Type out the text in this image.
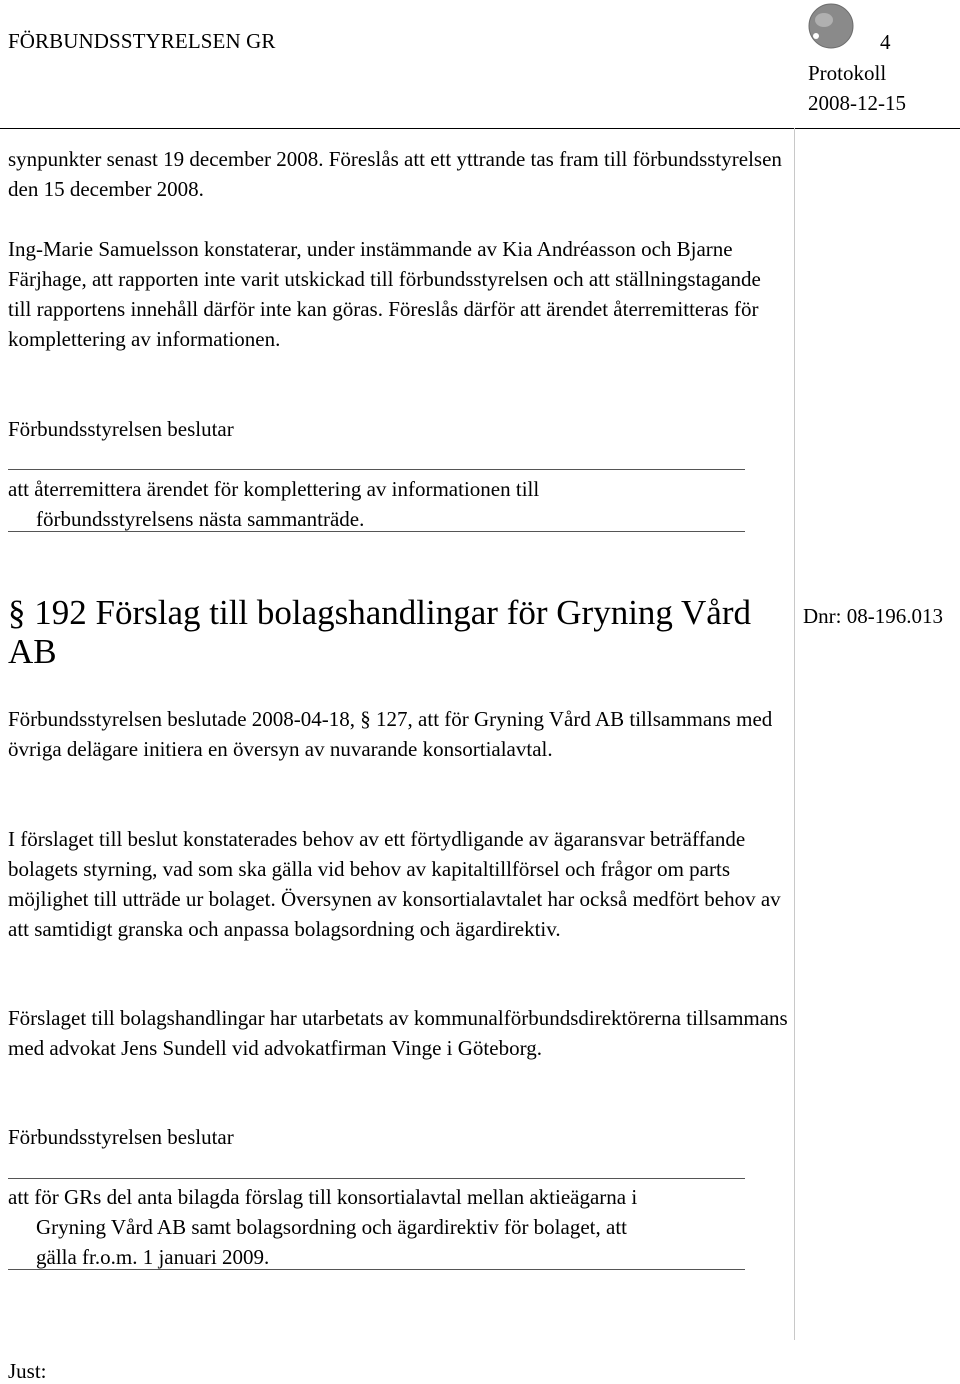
FÖRBUNDSSTYRELSEN GR	4
Protokoll
2008-12-15

synpunkter senast 19 december 2008. Föreslås att ett yttrande tas fram till förbundsstyrelsen den 15 december 2008.

Ing-Marie Samuelsson konstaterar, under instämmande av Kia Andréasson och Bjarne Färjhage, att rapporten inte varit utskickad till förbundsstyrelsen och att ställningstagande till rapportens innehåll därför inte kan göras. Föreslås därför att ärendet återremitteras för komplettering av informationen.

Förbundsstyrelsen beslutar

att återremittera ärendet för komplettering av informationen till
förbundsstyrelsens nästa sammanträde.
§ 192 Förslag till bolagshandlingar för Gryning Vård AB
Dnr: 08-196.013

Förbundsstyrelsen beslutade 2008-04-18, § 127, att för Gryning Vård AB tillsammans med övriga delägare initiera en översyn av nuvarande konsortialavtal.

I förslaget till beslut konstaterades behov av ett förtydligande av ägaransvar beträffande bolagets styrning, vad som ska gälla vid behov av kapitaltillförsel och frågor om parts möjlighet till utträde ur bolaget. Översynen av konsortialavtalet har också medfört behov av att samtidigt granska och anpassa bolagsordning och ägardirektiv.

Förslaget till bolagshandlingar har utarbetats av kommunalförbundsdirektörerna tillsammans med advokat Jens Sundell vid advokatfirman Vinge i Göteborg.

Förbundsstyrelsen beslutar

att för GRs del anta bilagda förslag till konsortialavtal mellan aktieägarna i
Gryning Vård AB samt bolagsordning och ägardirektiv för bolaget, att
gälla fr.o.m. 1 januari 2009.
Just:
